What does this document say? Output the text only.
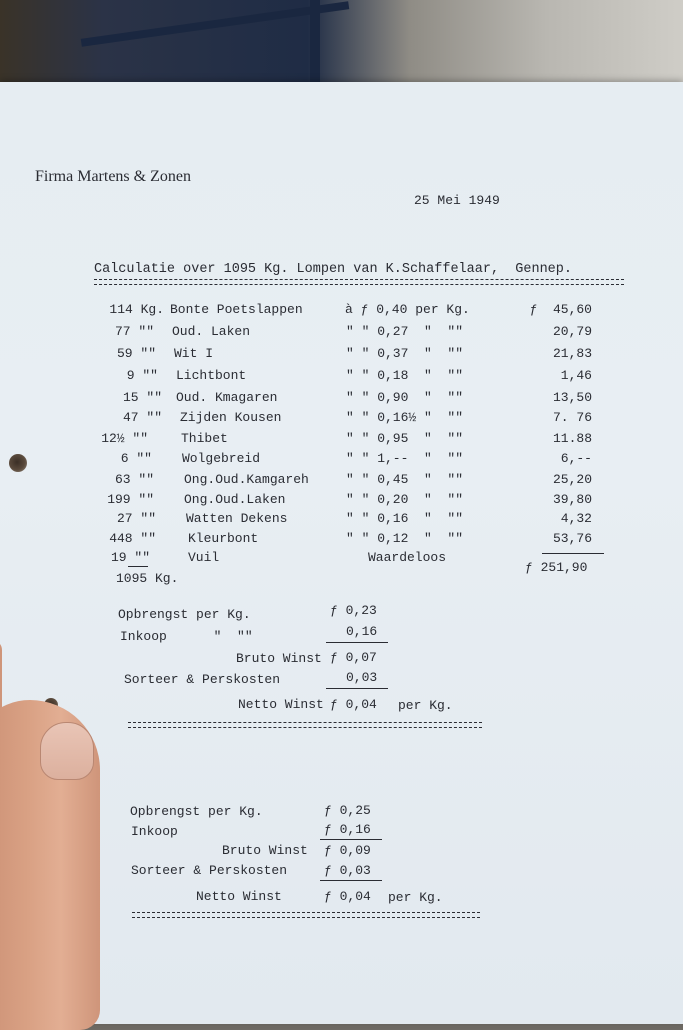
Firma Martens & Zonen
25 Mei 1949
Calculatie over 1095 Kg. Lompen van K.Schaffelaar,  Gennep.
114 Kg. Bonte Poetslappen	à ƒ 0,40 per Kg.	ƒ  45,60
77 "" Oud. Laken	" " 0,27  "  ""	20,79
59 "" Wit I	" " 0,37  "  ""	21,83
9 "" Lichtbont	" " 0,18  "  ""	1,46
15 "" Oud. Kmagaren	" " 0,90  "  ""	13,50
47 "" Zijden Kousen	" " 0,16½ "  ""	7. 76
12½ ""	Thibet	" " 0,95  "  ""	11.88
6 "" Wolgebreid	" " 1,--  "  ""	6,--
63 "" Ong.Oud.Kamgareh	" " 0,45  "  ""	25,20
199 "" Ong.Oud.Laken	" " 0,20  "  ""	39,80
27 "" Watten Dekens	" " 0,16  "  ""	4,32
448 "" Kleurbont	" " 0,12  "  ""	53,76
19 ""	Vuil	Waardeloos
1095 Kg.
ƒ 251,90
Opbrengst per Kg.	ƒ 0,23
Inkoop      "  ""	0,16
Bruto Winst ƒ 0,07
Sorteer & Perskosten	0,03
Netto Winst ƒ 0,04 per Kg.
Opbrengst per Kg.	ƒ 0,25
Inkoop	ƒ 0,16
Bruto Winst ƒ 0,09
Sorteer & Perskosten	ƒ 0,03
Netto Winst	ƒ 0,04 per Kg.
